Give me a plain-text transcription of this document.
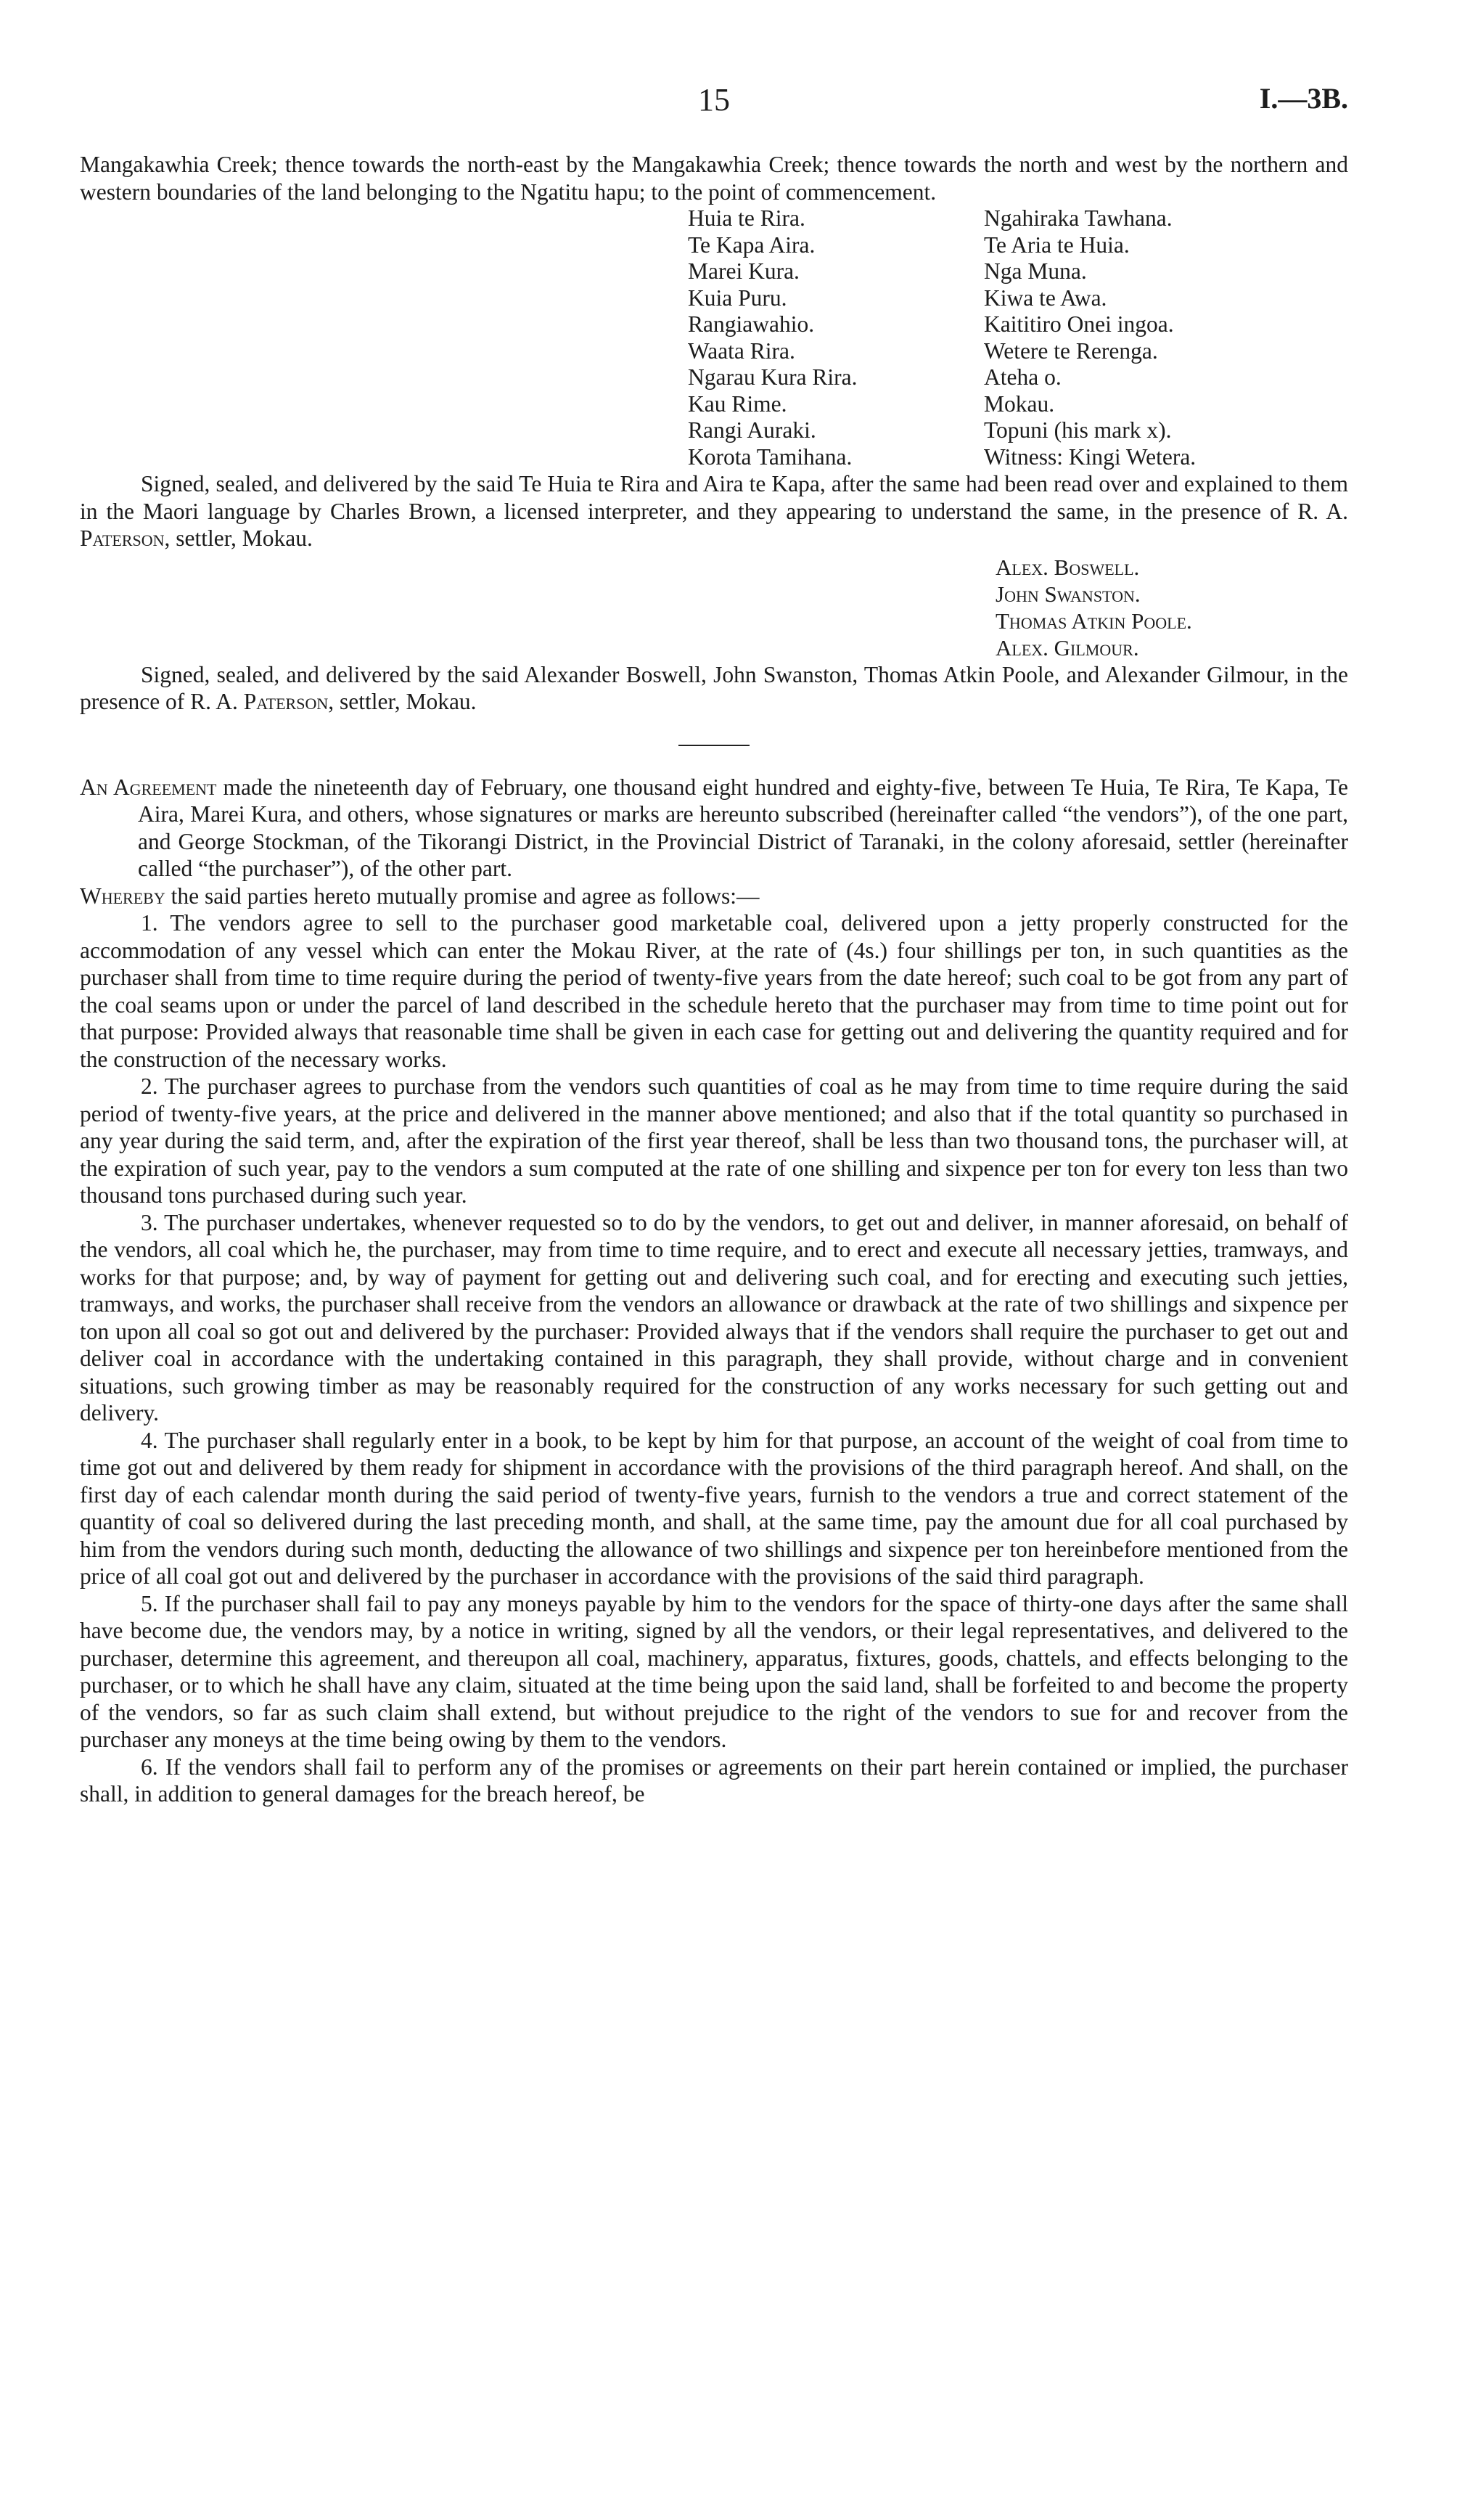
15	I.—3B.

Mangakawhia Creek; thence towards the north-east by the Mangakawhia Creek; thence towards the north and west by the northern and western boundaries of the land belonging to the Ngatitu hapu; to the point of commencement.

Huia te Rira.	Ngahiraka Tawhana.
Te Kapa Aira.	Te Aria te Huia.
Marei Kura.	Nga Muna.
Kuia Puru.	Kiwa te Awa.
Rangiawahio.	Kaititiro Onei ingoa.
Waata Rira.	Wetere te Rerenga.
Ngarau Kura Rira.	Ateha o.
Kau Rime.	Mokau.
Rangi Auraki.	Topuni (his mark x).
Korota Tamihana.	Witness: Kingi Wetera.

Signed, sealed, and delivered by the said Te Huia te Rira and Aira te Kapa, after the same had been read over and explained to them in the Maori language by Charles Brown, a licensed interpreter, and they appearing to understand the same, in the presence of R. A. Paterson, settler, Mokau.

Alex. Boswell.
John Swanston.
Thomas Atkin Poole.
Alex. Gilmour.

Signed, sealed, and delivered by the said Alexander Boswell, John Swanston, Thomas Atkin Poole, and Alexander Gilmour, in the presence of R. A. Paterson, settler, Mokau.

An Agreement made the nineteenth day of February, one thousand eight hundred and eighty-five, between Te Huia, Te Rira, Te Kapa, Te Aira, Marei Kura, and others, whose signatures or marks are hereunto subscribed (hereinafter called “the vendors”), of the one part, and George Stockman, of the Tikorangi District, in the Provincial District of Taranaki, in the colony aforesaid, settler (hereinafter called “the purchaser”), of the other part.

Whereby the said parties hereto mutually promise and agree as follows:—

1. The vendors agree to sell to the purchaser good marketable coal, delivered upon a jetty properly constructed for the accommodation of any vessel which can enter the Mokau River, at the rate of (4s.) four shillings per ton, in such quantities as the purchaser shall from time to time require during the period of twenty-five years from the date hereof; such coal to be got from any part of the coal seams upon or under the parcel of land described in the schedule hereto that the purchaser may from time to time point out for that purpose: Provided always that reasonable time shall be given in each case for getting out and delivering the quantity required and for the construction of the necessary works.

2. The purchaser agrees to purchase from the vendors such quantities of coal as he may from time to time require during the said period of twenty-five years, at the price and delivered in the manner above mentioned; and also that if the total quantity so purchased in any year during the said term, and, after the expiration of the first year thereof, shall be less than two thousand tons, the purchaser will, at the expiration of such year, pay to the vendors a sum computed at the rate of one shilling and sixpence per ton for every ton less than two thousand tons purchased during such year.

3. The purchaser undertakes, whenever requested so to do by the vendors, to get out and deliver, in manner aforesaid, on behalf of the vendors, all coal which he, the purchaser, may from time to time require, and to erect and execute all necessary jetties, tramways, and works for that purpose; and, by way of payment for getting out and delivering such coal, and for erecting and executing such jetties, tramways, and works, the purchaser shall receive from the vendors an allowance or drawback at the rate of two shillings and sixpence per ton upon all coal so got out and delivered by the purchaser: Provided always that if the vendors shall require the purchaser to get out and deliver coal in accordance with the undertaking contained in this paragraph, they shall provide, without charge and in convenient situations, such growing timber as may be reasonably required for the construction of any works necessary for such getting out and delivery.

4. The purchaser shall regularly enter in a book, to be kept by him for that purpose, an account of the weight of coal from time to time got out and delivered by them ready for shipment in accordance with the provisions of the third paragraph hereof. And shall, on the first day of each calendar month during the said period of twenty-five years, furnish to the vendors a true and correct statement of the quantity of coal so delivered during the last preceding month, and shall, at the same time, pay the amount due for all coal purchased by him from the vendors during such month, deducting the allowance of two shillings and sixpence per ton hereinbefore mentioned from the price of all coal got out and delivered by the purchaser in accordance with the provisions of the said third paragraph.

5. If the purchaser shall fail to pay any moneys payable by him to the vendors for the space of thirty-one days after the same shall have become due, the vendors may, by a notice in writing, signed by all the vendors, or their legal representatives, and delivered to the purchaser, determine this agreement, and thereupon all coal, machinery, apparatus, fixtures, goods, chattels, and effects belonging to the purchaser, or to which he shall have any claim, situated at the time being upon the said land, shall be forfeited to and become the property of the vendors, so far as such claim shall extend, but without prejudice to the right of the vendors to sue for and recover from the purchaser any moneys at the time being owing by them to the vendors.

6. If the vendors shall fail to perform any of the promises or agreements on their part herein contained or implied, the purchaser shall, in addition to general damages for the breach hereof, be
